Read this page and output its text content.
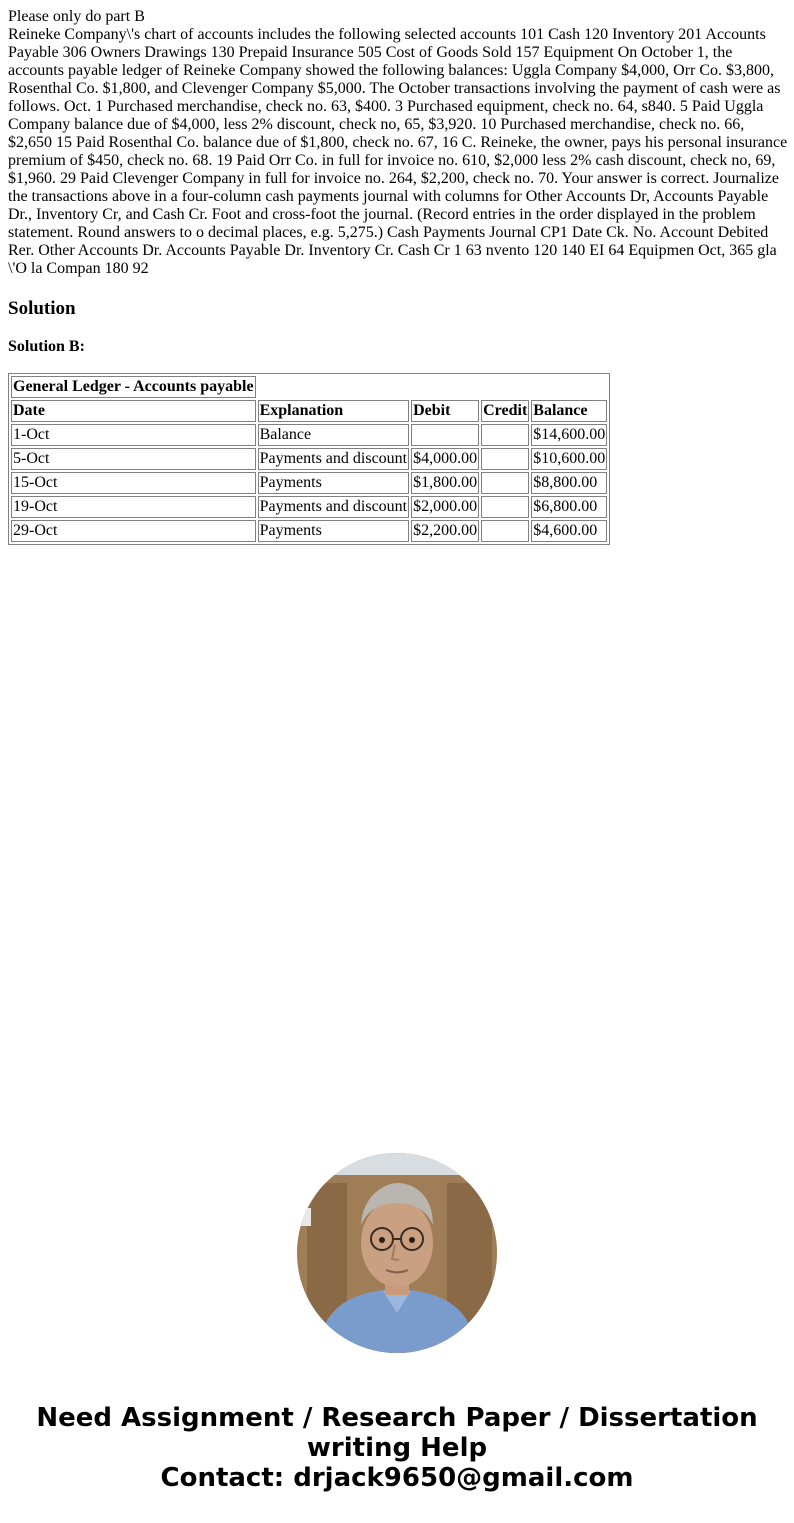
Please only do part B

Reineke Company\'s chart of accounts includes the following selected accounts 101 Cash 120 Inventory 201 Accounts Payable 306 Owners Drawings 130 Prepaid Insurance 505 Cost of Goods Sold 157 Equipment On October 1, the accounts payable ledger of Reineke Company showed the following balances: Uggla Company $4,000, Orr Co. $3,800, Rosenthal Co. $1,800, and Clevenger Company $5,000. The October transactions involving the payment of cash were as follows. Oct. 1 Purchased merchandise, check no. 63, $400. 3 Purchased equipment, check no. 64, s840. 5 Paid Uggla Company balance due of $4,000, less 2% discount, check no, 65, $3,920. 10 Purchased merchandise, check no. 66, $2,650 15 Paid Rosenthal Co. balance due of $1,800, check no. 67, 16 C. Reineke, the owner, pays his personal insurance premium of $450, check no. 68. 19 Paid Orr Co. in full for invoice no. 610, $2,000 less 2% cash discount, check no, 69, $1,960. 29 Paid Clevenger Company in full for invoice no. 264, $2,200, check no. 70. Your answer is correct. Journalize the transactions above in a four-column cash payments journal with columns for Other Accounts Dr, Accounts Payable Dr., Inventory Cr, and Cash Cr. Foot and cross-foot the journal. (Record entries in the order displayed in the problem statement. Round answers to o decimal places, e.g. 5,275.) Cash Payments Journal CP1 Date Ck. No. Account Debited Rer. Other Accounts Dr. Accounts Payable Dr. Inventory Cr. Cash Cr 1 63 nvento 120 140 EI 64 Equipmen Oct, 365 gla \'O la Compan 180 92

Solution
Solution B:
General Ledger - Accounts payable				
Date	Explanation	Debit	Credit	Balance
1-Oct	Balance			$14,600.00
5-Oct	Payments and discount	$4,000.00		$10,600.00
15-Oct	Payments	$1,800.00		$8,800.00
19-Oct	Payments and discount	$2,000.00		$6,800.00
29-Oct	Payments	$2,200.00		$4,600.00
Need Assignment / Research Paper / Dissertation
writing Help
Contact: drjack9650@gmail.com
